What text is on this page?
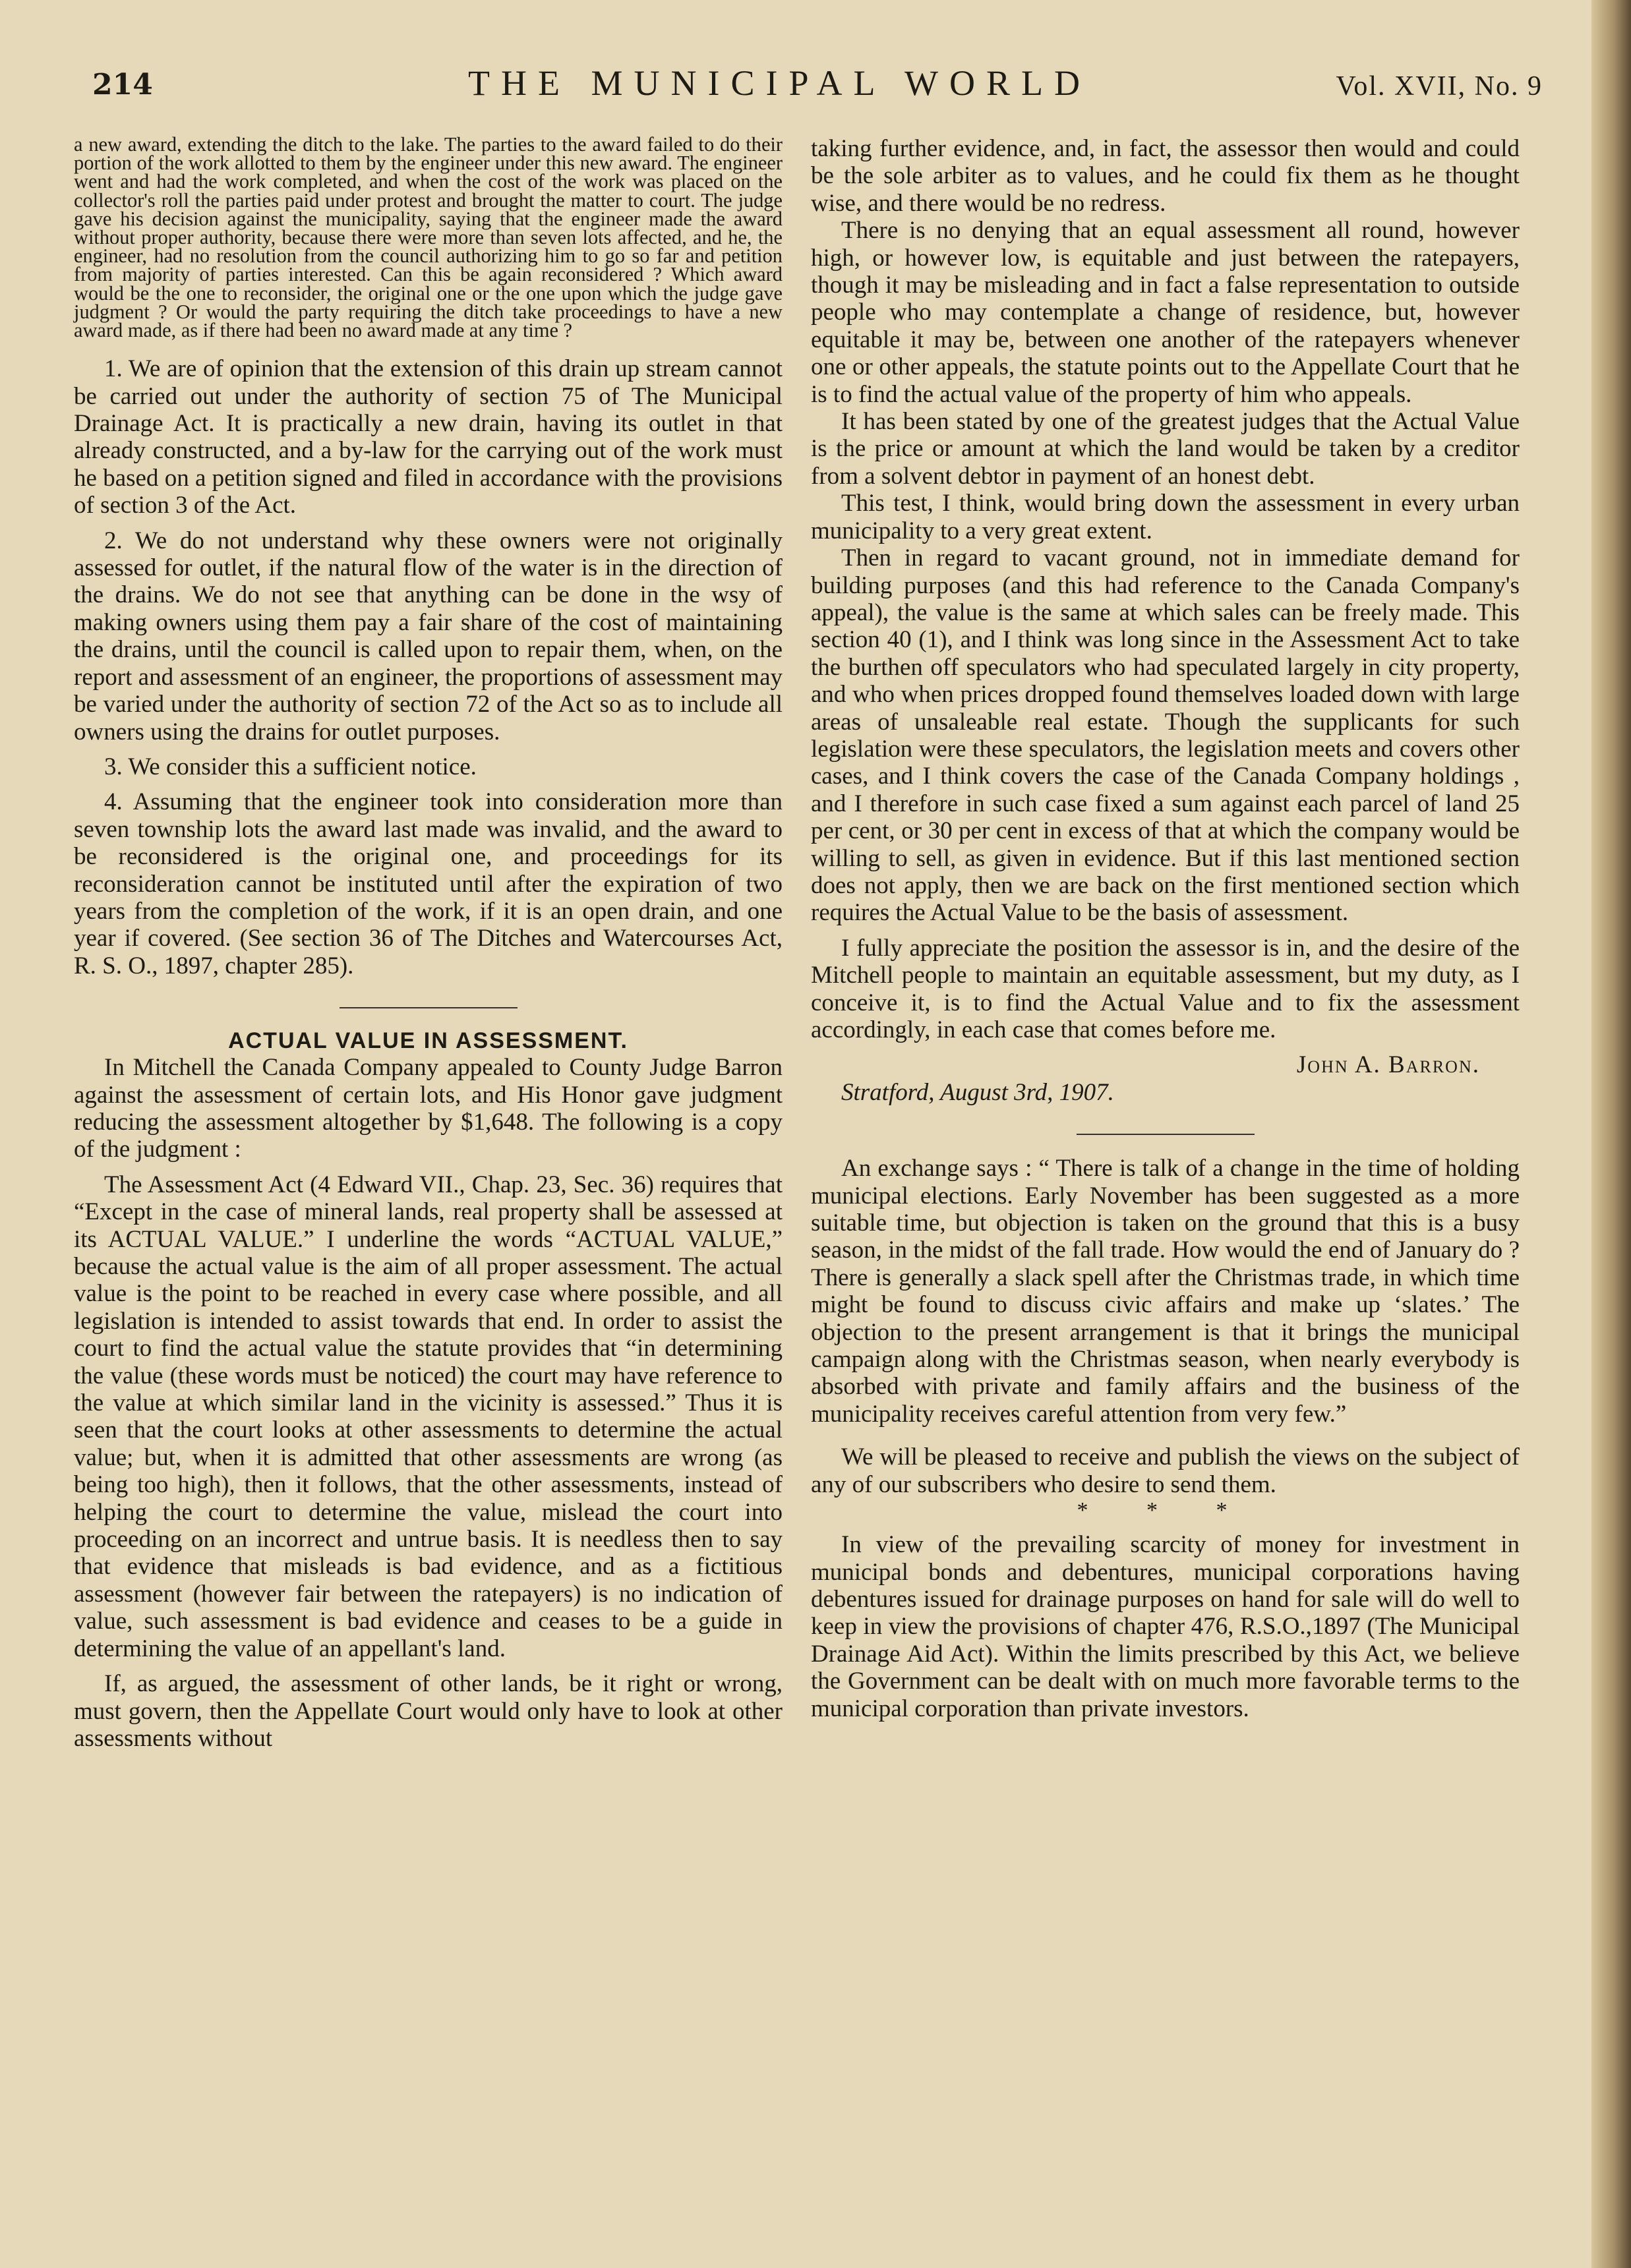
214	THE MUNICIPAL WORLD	Vol. XVII, No. 9

a new award, extending the ditch to the lake. The parties to the award failed to do their portion of the work allotted to them by the engineer under this new award. The engineer went and had the work completed, and when the cost of the work was placed on the collector's roll the parties paid under protest and brought the matter to court. The judge gave his decision against the municipality, saying that the engineer made the award without proper authority, because there were more than seven lots affected, and he, the engineer, had no resolution from the council authorizing him to go so far and petition from majority of parties interested. Can this be again reconsidered ? Which award would be the one to reconsider, the original one or the one upon which the judge gave judgment ? Or would the party requiring the ditch take proceedings to have a new award made, as if there had been no award made at any time ?

1. We are of opinion that the extension of this drain up stream cannot be carried out under the authority of section 75 of The Municipal Drainage Act. It is practically a new drain, having its outlet in that already constructed, and a by-law for the carrying out of the work must he based on a petition signed and filed in accordance with the provisions of section 3 of the Act.

2. We do not understand why these owners were not originally assessed for outlet, if the natural flow of the water is in the direction of the drains. We do not see that anything can be done in the wsy of making owners using them pay a fair share of the cost of maintaining the drains, until the council is called upon to repair them, when, on the report and assessment of an engineer, the proportions of assessment may be varied under the authority of section 72 of the Act so as to include all owners using the drains for outlet purposes.

3. We consider this a sufficient notice.

4. Assuming that the engineer took into consideration more than seven township lots the award last made was invalid, and the award to be reconsidered is the original one, and proceedings for its reconsideration cannot be instituted until after the expiration of two years from the completion of the work, if it is an open drain, and one year if covered. (See section 36 of The Ditches and Watercourses Act, R. S. O., 1897, chapter 285).

ACTUAL VALUE IN ASSESSMENT.

In Mitchell the Canada Company appealed to County Judge Barron against the assessment of certain lots, and His Honor gave judgment reducing the assessment altogether by $1,648. The following is a copy of the judgment :

The Assessment Act (4 Edward VII., Chap. 23, Sec. 36) requires that “Except in the case of mineral lands, real property shall be assessed at its ACTUAL VALUE.” I underline the words “ACTUAL VALUE,” because the actual value is the aim of all proper assessment. The actual value is the point to be reached in every case where possible, and all legislation is intended to assist towards that end. In order to assist the court to find the actual value the statute provides that “in determining the value (these words must be noticed) the court may have reference to the value at which similar land in the vicinity is assessed.” Thus it is seen that the court looks at other assessments to determine the actual value; but, when it is admitted that other assessments are wrong (as being too high), then it follows, that the other assessments, instead of helping the court to determine the value, mislead the court into proceeding on an incorrect and untrue basis. It is needless then to say that evidence that misleads is bad evidence, and as a fictitious assessment (however fair between the ratepayers) is no indication of value, such assessment is bad evidence and ceases to be a guide in determining the value of an appellant's land.

If, as argued, the assessment of other lands, be it right or wrong, must govern, then the Appellate Court would only have to look at other assessments without

taking further evidence, and, in fact, the assessor then would and could be the sole arbiter as to values, and he could fix them as he thought wise, and there would be no redress.

There is no denying that an equal assessment all round, however high, or however low, is equitable and just between the ratepayers, though it may be misleading and in fact a false representation to outside people who may contemplate a change of residence, but, however equitable it may be, between one another of the ratepayers whenever one or other appeals, the statute points out to the Appellate Court that he is to find the actual value of the property of him who appeals.

It has been stated by one of the greatest judges that the Actual Value is the price or amount at which the land would be taken by a creditor from a solvent debtor in payment of an honest debt.

This test, I think, would bring down the assessment in every urban municipality to a very great extent.

Then in regard to vacant ground, not in immediate demand for building purposes (and this had reference to the Canada Company's appeal), the value is the same at which sales can be freely made. This section 40 (1), and I think was long since in the Assessment Act to take the burthen off speculators who had speculated largely in city property, and who when prices dropped found themselves loaded down with large areas of unsaleable real estate. Though the supplicants for such legislation were these speculators, the legislation meets and covers other cases, and I think covers the case of the Canada Company holdings , and I therefore in such case fixed a sum against each parcel of land 25 per cent, or 30 per cent in excess of that at which the company would be willing to sell, as given in evidence. But if this last mentioned section does not apply, then we are back on the first mentioned section which requires the Actual Value to be the basis of assessment.

I fully appreciate the position the assessor is in, and the desire of the Mitchell people to maintain an equitable assessment, but my duty, as I conceive it, is to find the Actual Value and to fix the assessment accordingly, in each case that comes before me.

John A. Barron.

Stratford, August 3rd, 1907.

An exchange says : “ There is talk of a change in the time of holding municipal elections. Early November has been suggested as a more suitable time, but objection is taken on the ground that this is a busy season, in the midst of the fall trade. How would the end of January do ? There is generally a slack spell after the Christmas trade, in which time might be found to discuss civic affairs and make up ‘slates.’ The objection to the present arrangement is that it brings the municipal campaign along with the Christmas season, when nearly everybody is absorbed with private and family affairs and the business of the municipality receives careful attention from very few.”

We will be pleased to receive and publish the views on the subject of any of our subscribers who desire to send them.

* * *

In view of the prevailing scarcity of money for investment in municipal bonds and debentures, municipal corporations having debentures issued for drainage purposes on hand for sale will do well to keep in view the provisions of chapter 476, R.S.O.,1897 (The Municipal Drainage Aid Act). Within the limits prescribed by this Act, we believe the Government can be dealt with on much more favorable terms to the municipal corporation than private investors.
